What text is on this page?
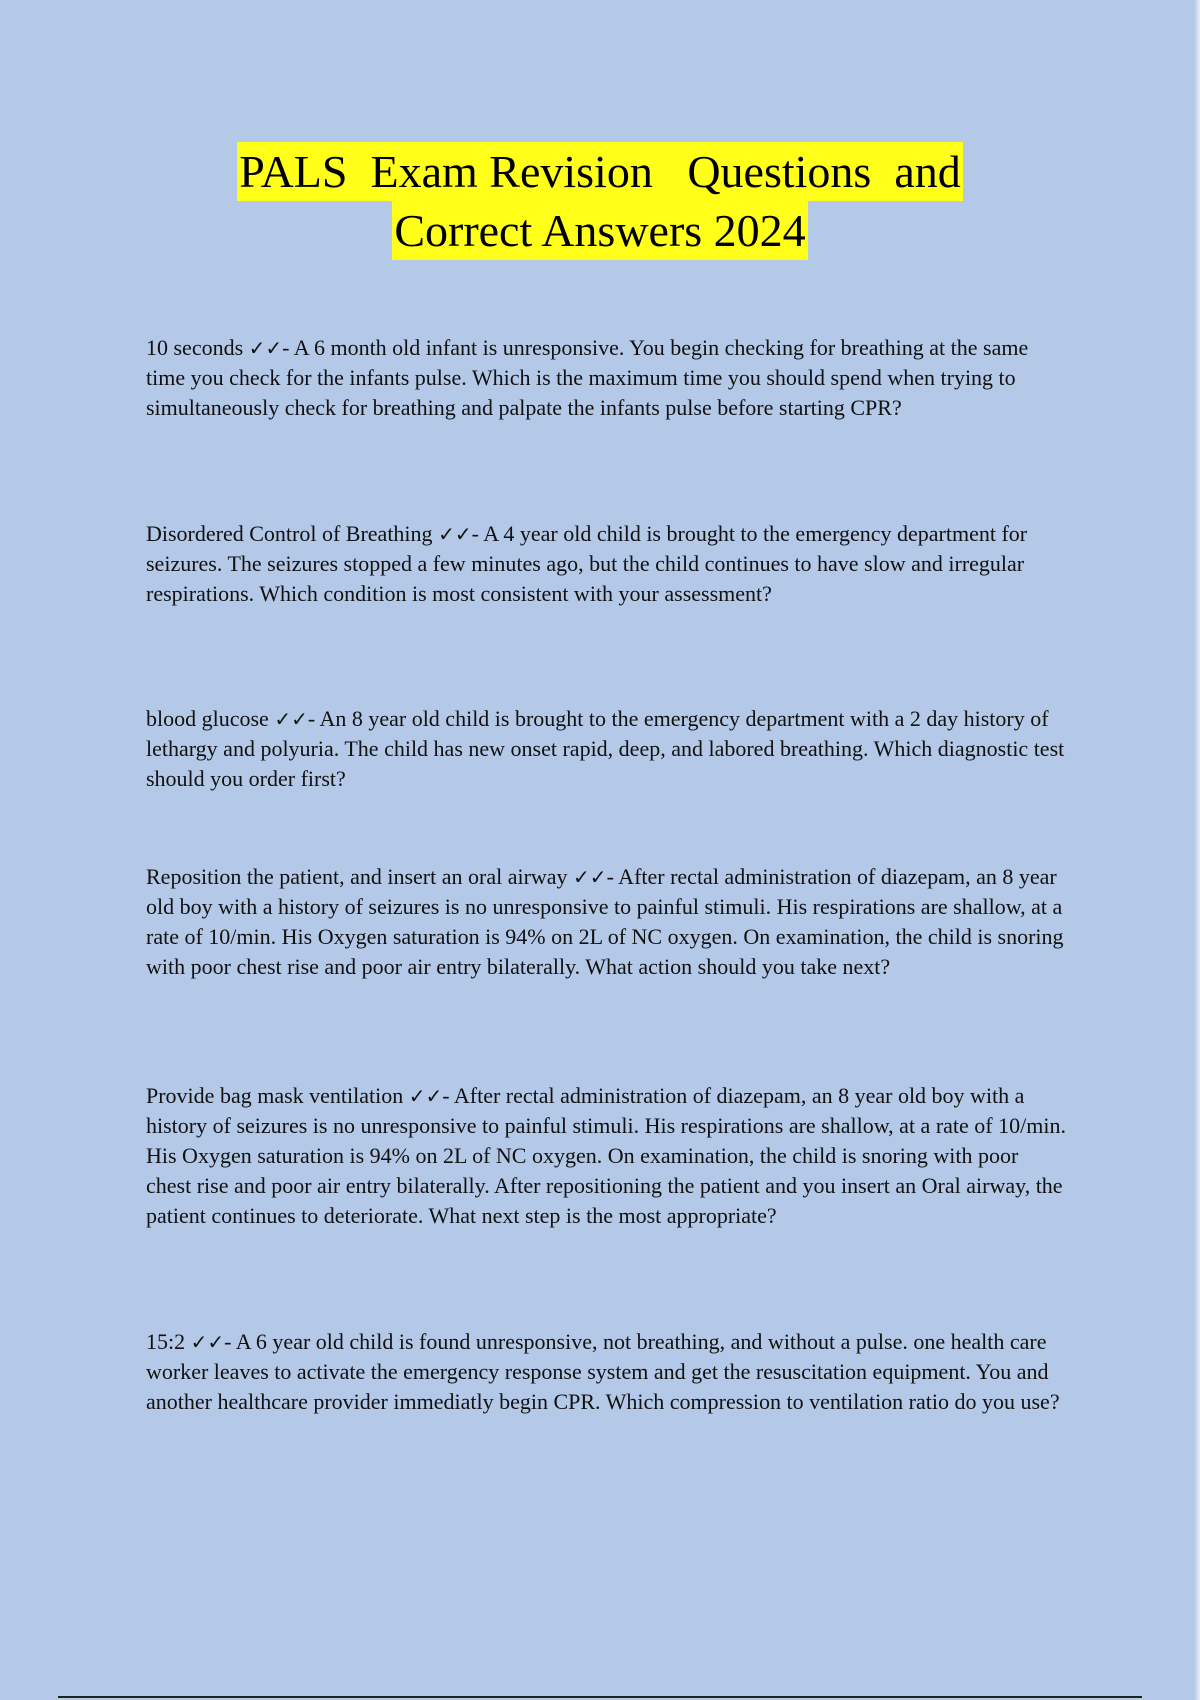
PALS  Exam Revision   Questions  and
Correct Answers 2024
10 seconds ✓✓- A 6 month old infant is unresponsive. You begin checking for breathing at the same time you check for the infants pulse. Which is the maximum time you should spend when trying to simultaneously check for breathing and palpate the infants pulse before starting CPR?
Disordered Control of Breathing ✓✓- A 4 year old child is brought to the emergency department for seizures. The seizures stopped a few minutes ago, but the child continues to have slow and irregular respirations. Which condition is most consistent with your assessment?
blood glucose ✓✓- An 8 year old child is brought to the emergency department with a 2 day history of lethargy and polyuria. The child has new onset rapid, deep, and labored breathing. Which diagnostic test should you order first?
Reposition the patient, and insert an oral airway ✓✓- After rectal administration of diazepam, an 8 year old boy with a history of seizures is no unresponsive to painful stimuli. His respirations are shallow, at a rate of 10/min. His Oxygen saturation is 94% on 2L of NC oxygen. On examination, the child is snoring with poor chest rise and poor air entry bilaterally. What action should you take next?
Provide bag mask ventilation ✓✓- After rectal administration of diazepam, an 8 year old boy with a history of seizures is no unresponsive to painful stimuli. His respirations are shallow, at a rate of 10/min. His Oxygen saturation is 94% on 2L of NC oxygen. On examination, the child is snoring with poor chest rise and poor air entry bilaterally. After repositioning the patient and you insert an Oral airway, the patient continues to deteriorate. What next step is the most appropriate?
15:2 ✓✓- A 6 year old child is found unresponsive, not breathing, and without a pulse. one health care worker leaves to activate the emergency response system and get the resuscitation equipment. You and another healthcare provider immediatly begin CPR. Which compression to ventilation ratio do you use?
